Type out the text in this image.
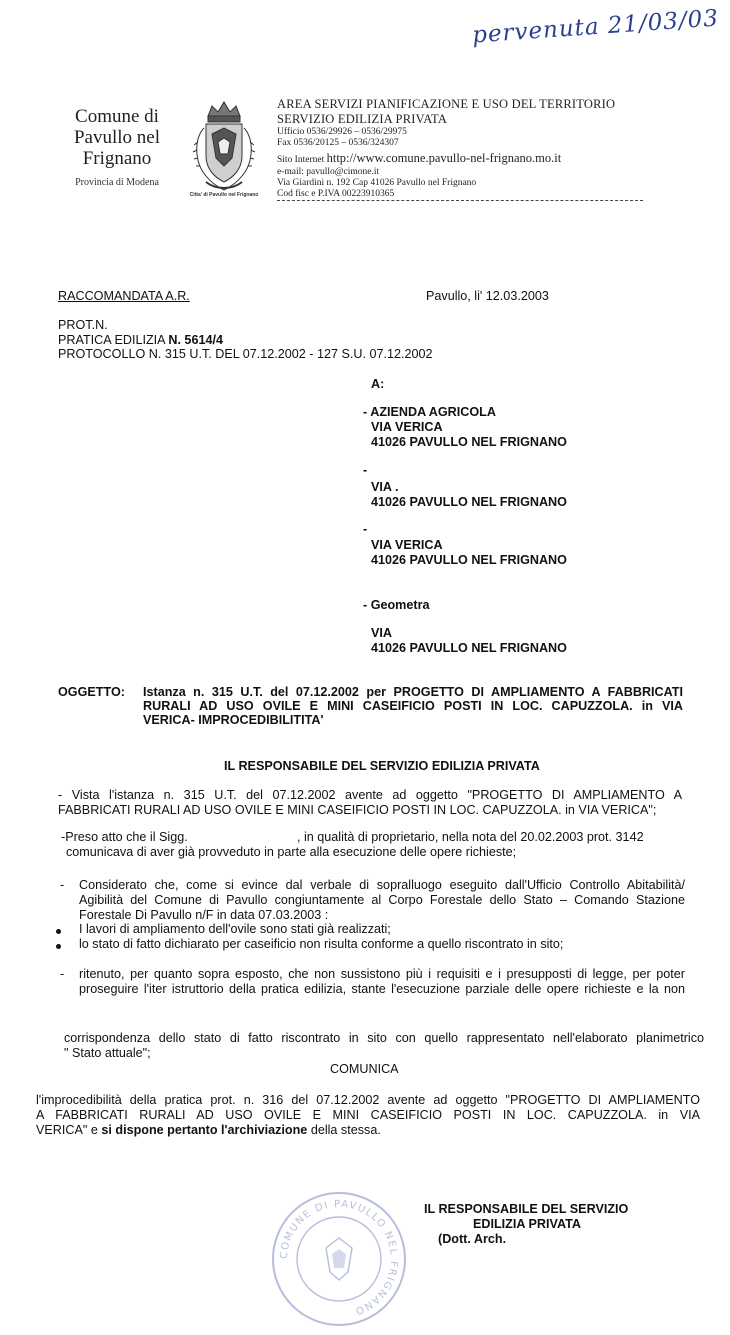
pervenuta 21/03/03
Comune di
Pavullo nel
Frignano
Provincia di Modena
Citta' di Pavullo nel Frignano
AREA SERVIZI PIANIFICAZIONE E USO DEL TERRITORIO
SERVIZIO EDILIZIA PRIVATA
Ufficio 0536/29926 – 0536/29975
Fax 0536/20125 – 0536/324307
Sito Internet http://www.comune.pavullo-nel-frignano.mo.it
e-mail: pavullo@cimone.it
Via Giardini n. 192 Cap 41026 Pavullo nel Frignano
Cod fisc e P.IVA 00223910365
RACCOMANDATA A.R.	Pavullo, li' 12.03.2003
PROT.N.
PRATICA EDILIZIA N. 5614/4
PROTOCOLLO N. 315 U.T. DEL 07.12.2002 - 127 S.U. 07.12.2002
A:
- AZIENDA AGRICOLA
VIA VERICA
41026 PAVULLO NEL FRIGNANO
-
VIA .
41026 PAVULLO NEL FRIGNANO
-
VIA VERICA
41026 PAVULLO NEL FRIGNANO
- Geometra
VIA
41026 PAVULLO NEL FRIGNANO
OGGETTO: Istanza n. 315 U.T. del 07.12.2002 per PROGETTO DI AMPLIAMENTO A FABBRICATI
RURALI AD USO OVILE E MINI CASEIFICIO POSTI IN LOC. CAPUZZOLA. in VIA
VERICA- IMPROCEDIBILITITA'
IL RESPONSABILE DEL SERVIZIO EDILIZIA PRIVATA
- Vista l'istanza n. 315 U.T. del 07.12.2002 avente ad oggetto "PROGETTO DI AMPLIAMENTO A
FABBRICATI RURALI AD USO OVILE E MINI CASEIFICIO POSTI IN LOC. CAPUZZOLA. in VIA VERICA";
-Preso atto che il Sigg.	, in qualità di proprietario, nella nota del 20.02.2003 prot. 3142
comunicava di aver già provveduto in parte alla esecuzione delle opere richieste;
- Considerato che, come si evince dal verbale di sopralluogo eseguito dall'Ufficio Controllo Abitabilità/
Agibilità del Comune di Pavullo congiuntamente al Corpo Forestale dello Stato – Comando Stazione
Forestale Di Pavullo n/F in data 07.03.2003 :
I lavori di ampliamento dell'ovile sono stati già realizzati;
lo stato di fatto dichiarato per caseificio non risulta conforme a quello riscontrato in sito;
- ritenuto, per quanto sopra esposto, che non sussistono più i requisiti e i presupposti di legge, per poter
proseguire l'iter istruttorio della pratica edilizia, stante l'esecuzione parziale delle opere richieste e la non
corrispondenza dello stato di fatto riscontrato in sito con quello rappresentato nell'elaborato planimetrico
" Stato attuale";
COMUNICA
l'improcedibilità della pratica prot. n. 316 del 07.12.2002 avente ad oggetto "PROGETTO DI AMPLIAMENTO
A FABBRICATI RURALI AD USO OVILE E MINI CASEIFICIO POSTI IN LOC. CAPUZZOLA. in VIA
VERICA" e si dispone pertanto l'archiviazione della stessa.
IL RESPONSABILE DEL SERVIZIO
EDILIZIA PRIVATA
(Dott. Arch.
COMUNE DI PAVULLO NEL FRIGNANO
